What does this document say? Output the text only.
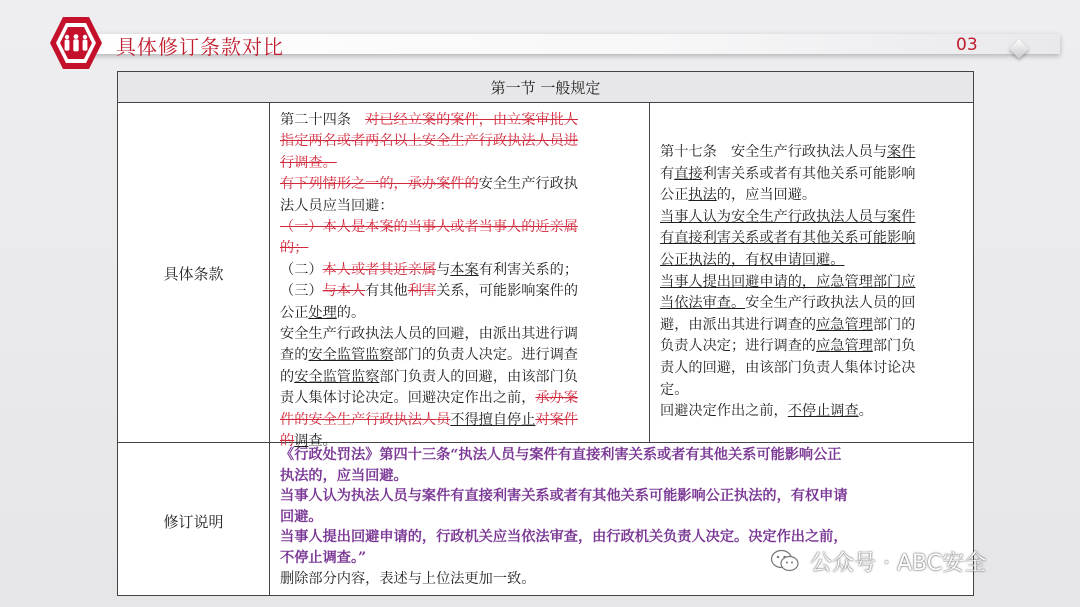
具体修订条款对比	03
第一节 一般规定
具体条款
修订说明
第二十四条　对已经立案的案件，由立案审批人
指定两名或者两名以上安全生产行政执法人员进
行调查。
有下列情形之一的，承办案件的安全生产行政执
法人员应当回避：
（一）本人是本案的当事人或者当事人的近亲属
的；
（二）本人或者其近亲属与本案有利害关系的；
（三）与本人有其他利害关系，可能影响案件的
公正处理的。
安全生产行政执法人员的回避，由派出其进行调
查的安全监管监察部门的负责人决定。进行调查
的安全监管监察部门负责人的回避，由该部门负
责人集体讨论决定。回避决定作出之前，承办案
件的安全生产行政执法人员不得擅自停止对案件
的调查。
第十七条　安全生产行政执法人员与案件
有直接利害关系或者有其他关系可能影响
公正执法的，应当回避。
当事人认为安全生产行政执法人员与案件
有直接利害关系或者有其他关系可能影响
公正执法的，有权申请回避。
当事人提出回避申请的，应急管理部门应
当依法审查。安全生产行政执法人员的回
避，由派出其进行调查的应急管理部门的
负责人决定；进行调查的应急管理部门负
责人的回避，由该部门负责人集体讨论决
定。
回避决定作出之前，不停止调查。
《行政处罚法》第四十三条“执法人员与案件有直接利害关系或者有其他关系可能影响公正
执法的，应当回避。
当事人认为执法人员与案件有直接利害关系或者有其他关系可能影响公正执法的，有权申请
回避。
当事人提出回避申请的，行政机关应当依法审查，由行政机关负责人决定。决定作出之前，
不停止调查。”
删除部分内容，表述与上位法更加一致。
公众号 · ABC安全
